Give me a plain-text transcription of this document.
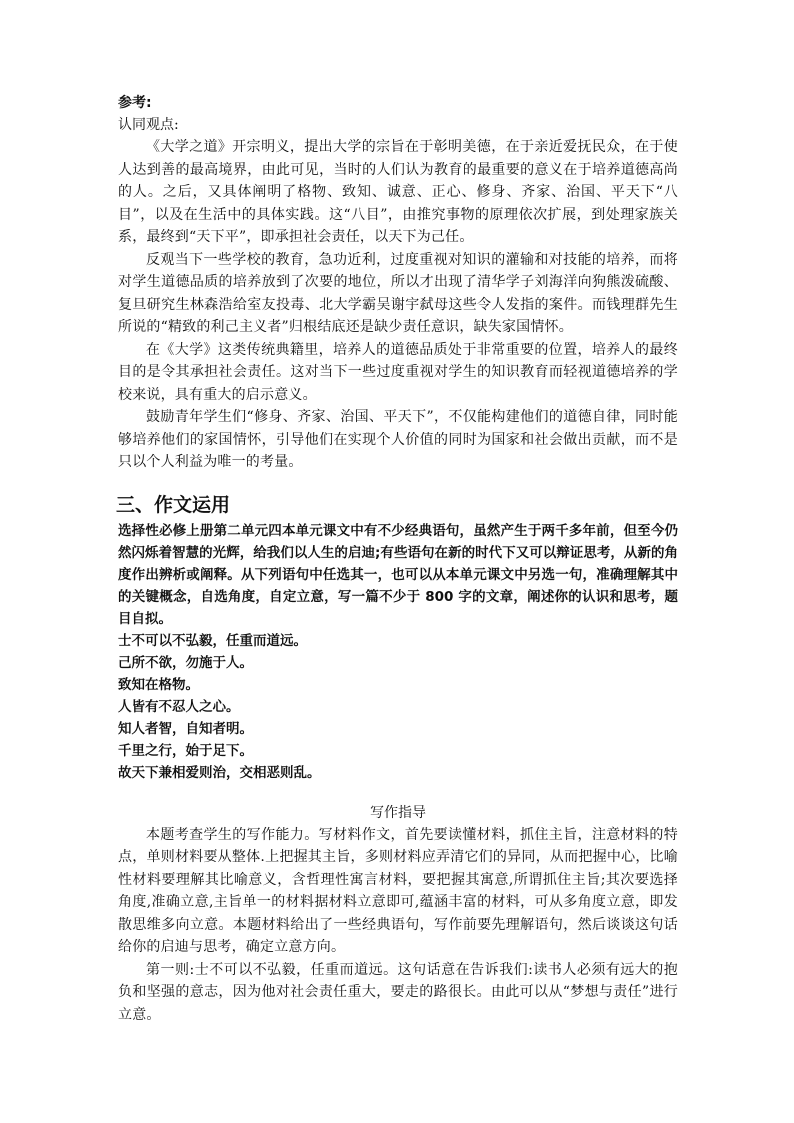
参考:

认同观点:

《大学之道》开宗明义，提出大学的宗旨在于彰明美德，在于亲近爱抚民众，在于使人达到善的最高境界，由此可见，当时的人们认为教育的最重要的意义在于培养道德高尚的人。之后，又具体阐明了格物、致知、诚意、正心、修身、齐家、治国、平天下“八目”，以及在生活中的具体实践。这“八目”，由推究事物的原理依次扩展，到处理家族关系，最终到“天下平”，即承担社会责任，以天下为己任。

反观当下一些学校的教育，急功近利，过度重视对知识的灌输和对技能的培养，而将对学生道德品质的培养放到了次要的地位，所以才出现了清华学子刘海洋向狗熊泼硫酸、复旦研究生林森浩给室友投毒、北大学霸吴谢宇弑母这些令人发指的案件。而钱理群先生所说的“精致的利己主义者”归根结底还是缺少责任意识，缺失家国情怀。

在《大学》这类传统典籍里，培养人的道德品质处于非常重要的位置，培养人的最终目的是令其承担社会责任。这对当下一些过度重视对学生的知识教育而轻视道德培养的学校来说，具有重大的启示意义。

鼓励青年学生们“修身、齐家、治国、平天下”，不仅能构建他们的道德自律，同时能够培养他们的家国情怀，引导他们在实现个人价值的同时为国家和社会做出贡献，而不是只以个人利益为唯一的考量。

三、作文运用

选择性必修上册第二单元四本单元课文中有不少经典语句，虽然产生于两千多年前，但至今仍然闪烁着智慧的光辉，给我们以人生的启迪;有些语句在新的时代下又可以辩证思考，从新的角度作出辨析或阐释。从下列语句中任选其一，也可以从本单元课文中另选一句，准确理解其中的关键概念，自选角度，自定立意，写一篇不少于 800 字的文章，阐述你的认识和思考，题目自拟。

士不可以不弘毅，任重而道远。

己所不欲，勿施于人。

致知在格物。

人皆有不忍人之心。

知人者智，自知者明。

千里之行，始于足下。

故天下兼相爱则治，交相恶则乱。

写作指导

本题考查学生的写作能力。写材料作文，首先要读懂材料，抓住主旨，注意材料的特点，单则材料要从整体.上把握其主旨，多则材料应弄清它们的异同，从而把握中心，比喻性材料要理解其比喻意义，含哲理性寓言材料，要把握其寓意,所谓抓住主旨;其次要选择角度,准确立意,主旨单一的材料据材料立意即可,蕴涵丰富的材料，可从多角度立意，即发散思维多向立意。本题材料给出了一些经典语句，写作前要先理解语句，然后谈谈这句话给你的启迪与思考，确定立意方向。

第一则:士不可以不弘毅，任重而道远。这句话意在告诉我们:读书人必须有远大的抱负和坚强的意志，因为他对社会责任重大，要走的路很长。由此可以从“梦想与责任”进行立意。
